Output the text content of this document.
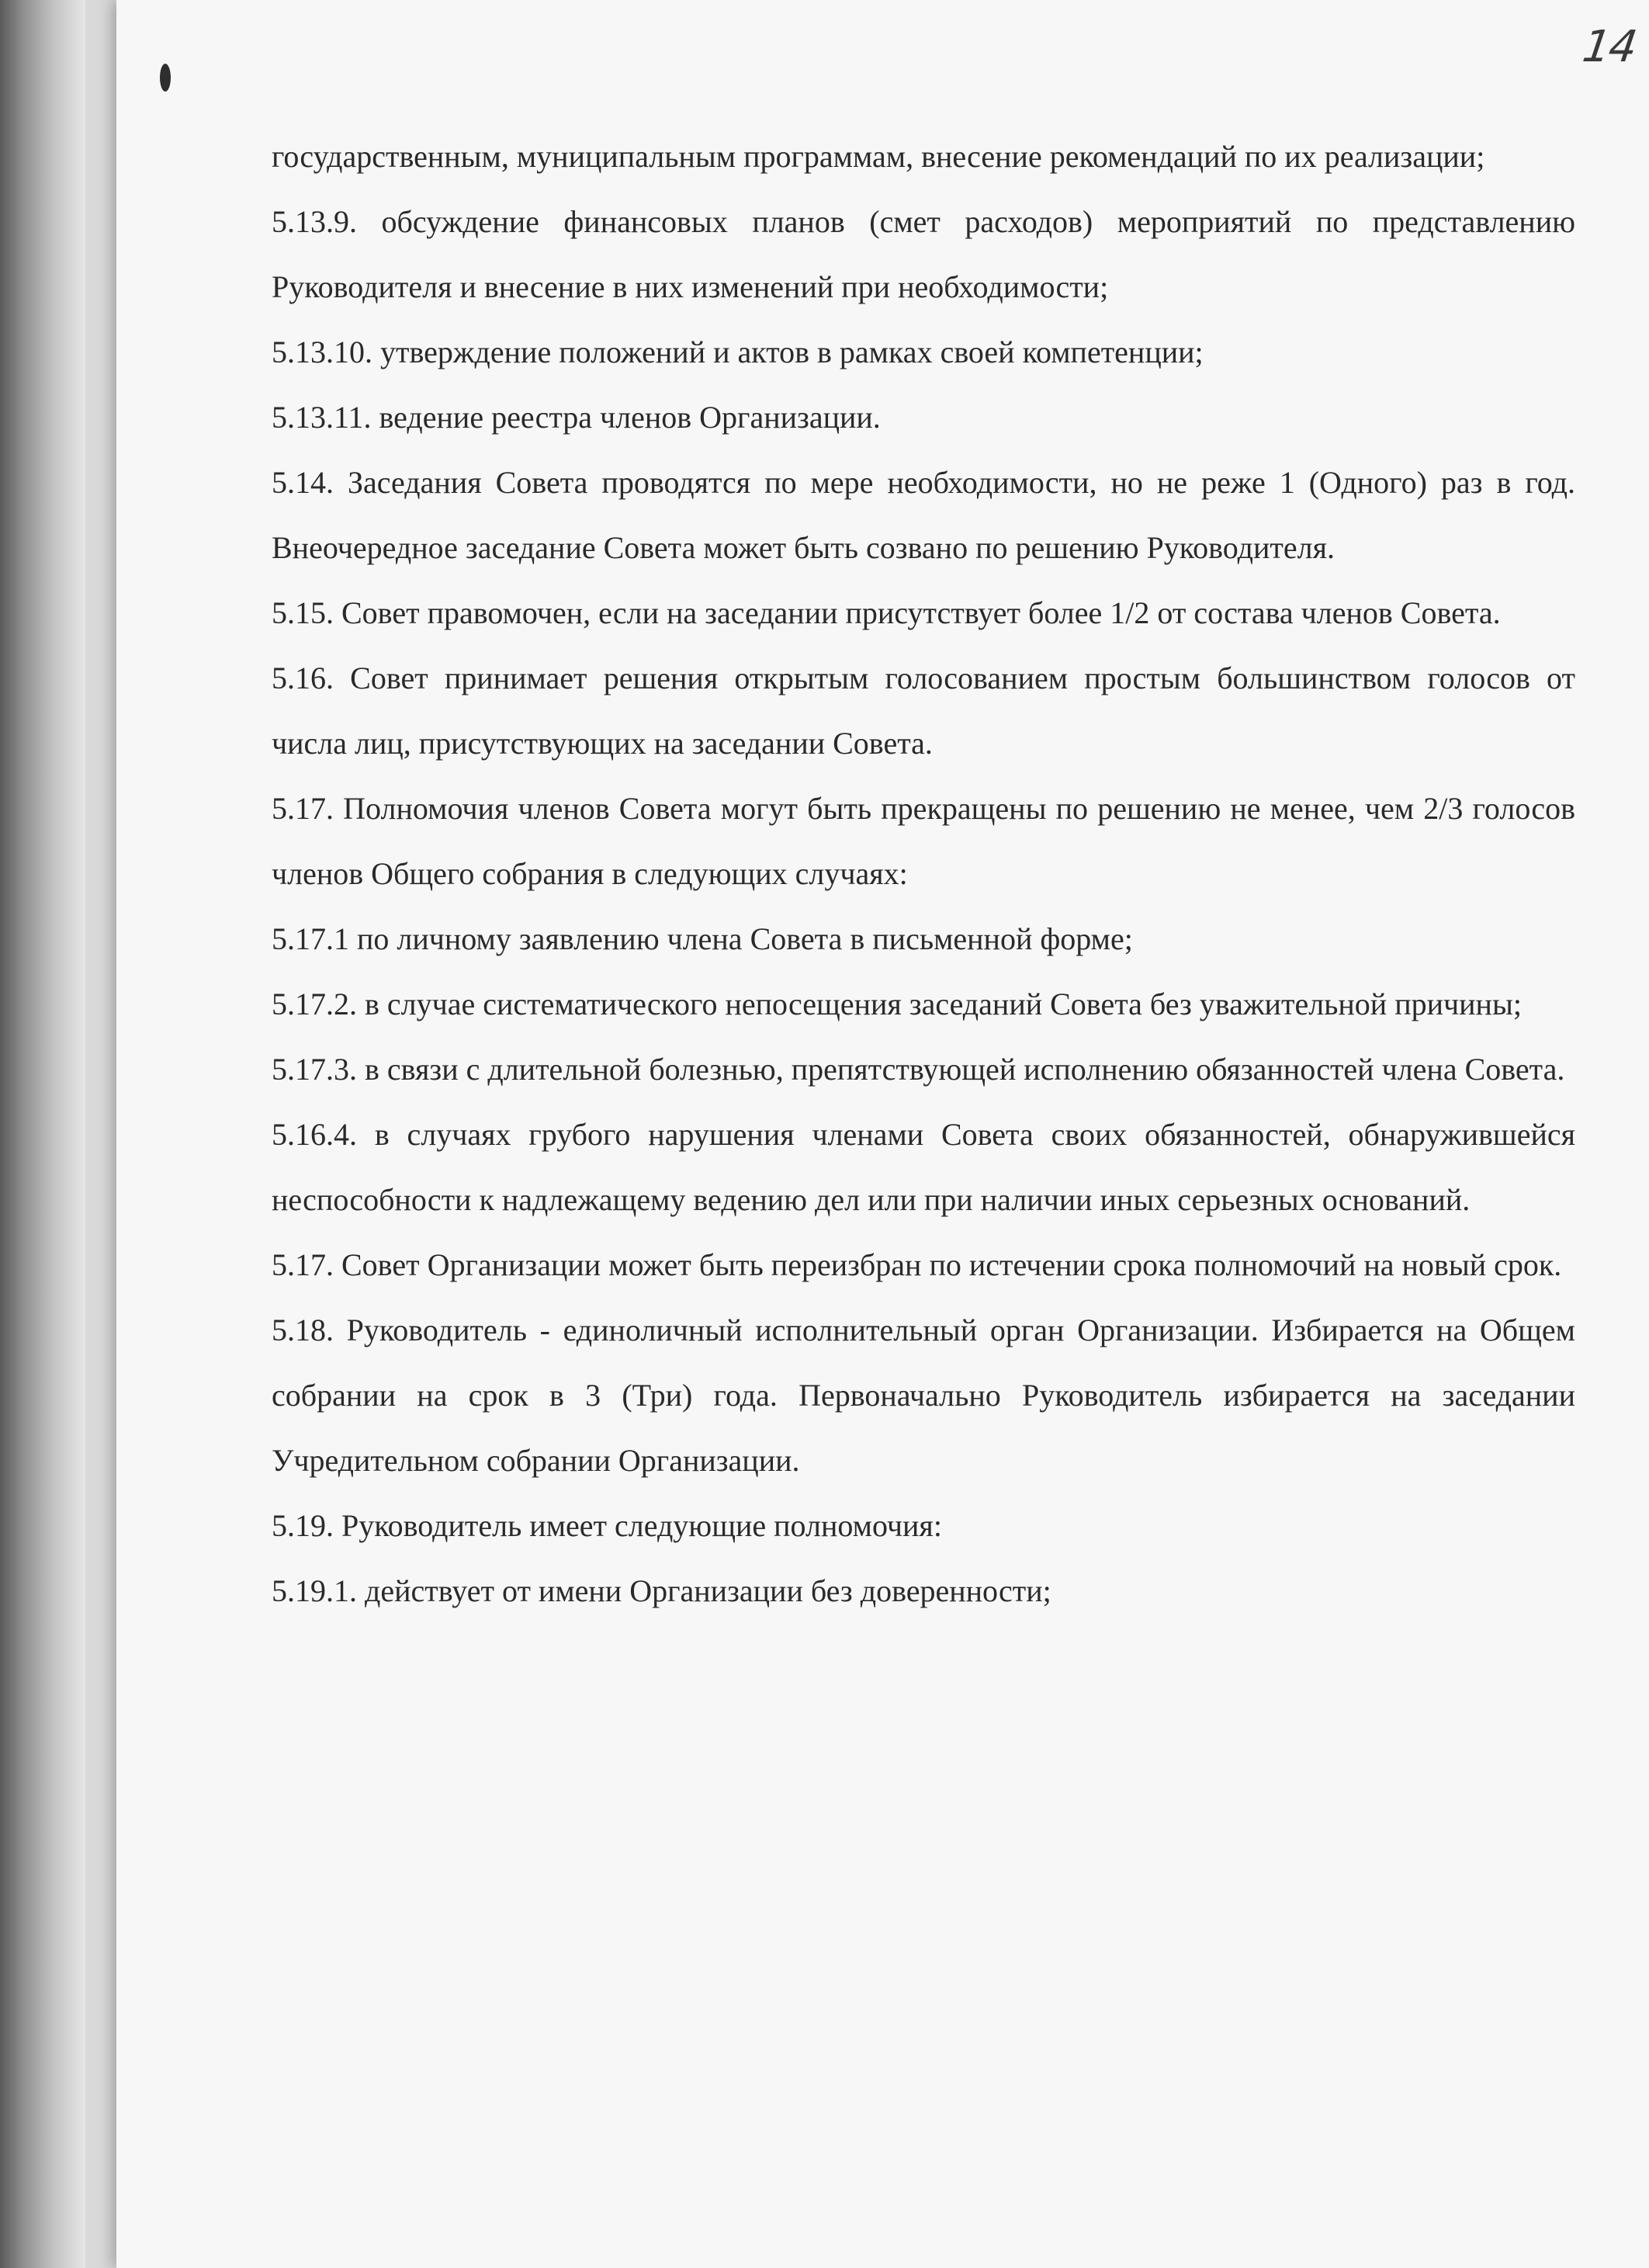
14

государственным, муниципальным программам, внесение рекомендаций по их реализации;

5.13.9. обсуждение финансовых планов (смет расходов) мероприятий по представлению Руководителя и внесение в них изменений при необходимости;

5.13.10. утверждение положений и актов в рамках своей компетенции;

5.13.11. ведение реестра членов Организации.

5.14. Заседания Совета проводятся по мере необходимости, но не реже 1 (Одного) раз в год. Внеочередное заседание Совета может быть созвано по решению Руководителя.

5.15. Совет правомочен, если на заседании присутствует более 1/2 от состава членов Совета.

5.16. Совет принимает решения открытым голосованием простым большинством голосов от числа лиц, присутствующих на заседании Совета.

5.17. Полномочия членов Совета могут быть прекращены по решению не менее, чем 2/3 голосов членов Общего собрания в следующих случаях:

5.17.1 по личному заявлению члена Совета в письменной форме;

5.17.2. в случае систематического непосещения заседаний Совета без уважительной причины;

5.17.3. в связи с длительной болезнью, препятствующей исполнению обязанностей члена Совета.

5.16.4. в случаях грубого нарушения членами Совета своих обязанностей, обнаружившейся неспособности к надлежащему ведению дел или при наличии иных серьезных оснований.

5.17. Совет Организации может быть переизбран по истечении срока полномочий на новый срок.

5.18. Руководитель - единоличный исполнительный орган Организации. Избирается на Общем собрании на срок в 3 (Три) года. Первоначально Руководитель избирается на заседании Учредительном собрании Организации.

5.19. Руководитель имеет следующие полномочия:

5.19.1. действует от имени Организации без доверенности;
